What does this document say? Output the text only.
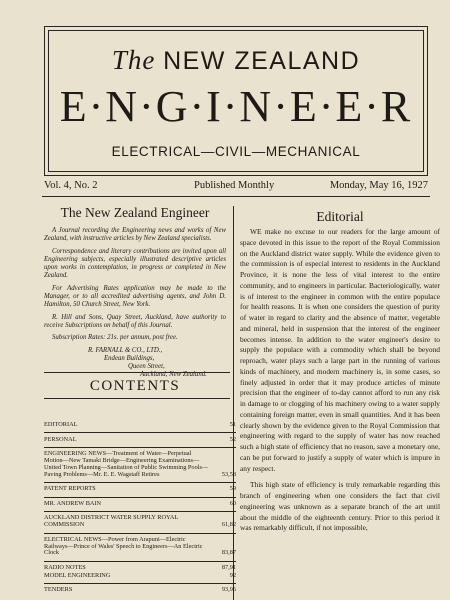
The NEW ZEALAND
E·N·G·I·N·E·E·R
ELECTRICAL—CIVIL—MECHANICAL
Vol. 4, No. 2	Published Monthly	Monday, May 16, 1927
The New Zealand Engineer

A Journal recording the Engineering news and works of New Zealand, with instructive articles by New Zealand specialists.

Correspondence and literary contributions are invited upon all Engineering subjects, especially illustrated descriptive articles upon works in contemplation, in progress or completed in New Zealand.

For Advertising Rates application may be made to the Manager, or to all accredited advertising agents, and John D. Hamilton, 50 Church Street, New York.

R. Hill and Sons, Quay Street, Auckland, have authority to receive Subscriptions on behalf of this Journal.

Subscription Rates: 21s. per annum, post free.

R. FARNALL & CO., LTD.,
Endean Buildings,
Queen Street,
Auckland, New Zealand.
CONTENTS
EDITORIAL	51
PERSONAL	52
ENGINEERING NEWS—Treatment of Water—Perpetual Motion—New Tamaki Bridge—Engineering Examinations—United Town Planning—Sanitation of Public Swimming Pools—Paving Problems—Mr. E. E. Wagstaff Retires	53,58
PATENT REPORTS	59
MR. ANDREW BAIN	60
AUCKLAND DISTRICT WATER SUPPLY ROYAL COMMISSION	61,82
ELECTRICAL NEWS—Power from Arapuni—Electric Railways—Prince of Wales' Speech to Engineers—An Electric Clock	83,87
RADIO NOTES	87,91
MODEL ENGINEERING	92
TENDERS	93,96
Editorial

WE make no excuse to our readers for the large amount of space devoted in this issue to the report of the Royal Commission on the Auckland district water supply. While the evidence given to the commission is of especial interest to residents in the Auckland Province, it is none the less of vital interest to the entire community, and to engineers in particular. Bacteriologically, water is of interest to the engineer in common with the entire populace for health reasons. It is when one considers the question of purity of water in regard to clarity and the absence of matter, vegetable and mineral, held in suspension that the interest of the engineer becomes intense. In addition to the water engineer's desire to supply the populace with a commodity which shall be beyond reproach, water plays such a large part in the running of various kinds of machinery, and modern machinery is, in some cases, so finely adjusted in order that it may produce articles of minute precision that the engineer of to-day cannot afford to run any risk in damage to or clogging of his machinery owing to a water supply containing foreign matter, even in small quantities. And it has been clearly shown by the evidence given to the Royal Commission that engineering with regard to the supply of water has now reached such a high state of efficiency that no reason, save a monetary one, can be put forward to justify a supply of water which is impure in any respect.

This high state of efficiency is truly remarkable regarding this branch of engineering when one considers the fact that civil engineering was unknown as a separate branch of the art until about the middle of the eighteenth century. Prior to this period it was remarkably difficult, if not impossible,
